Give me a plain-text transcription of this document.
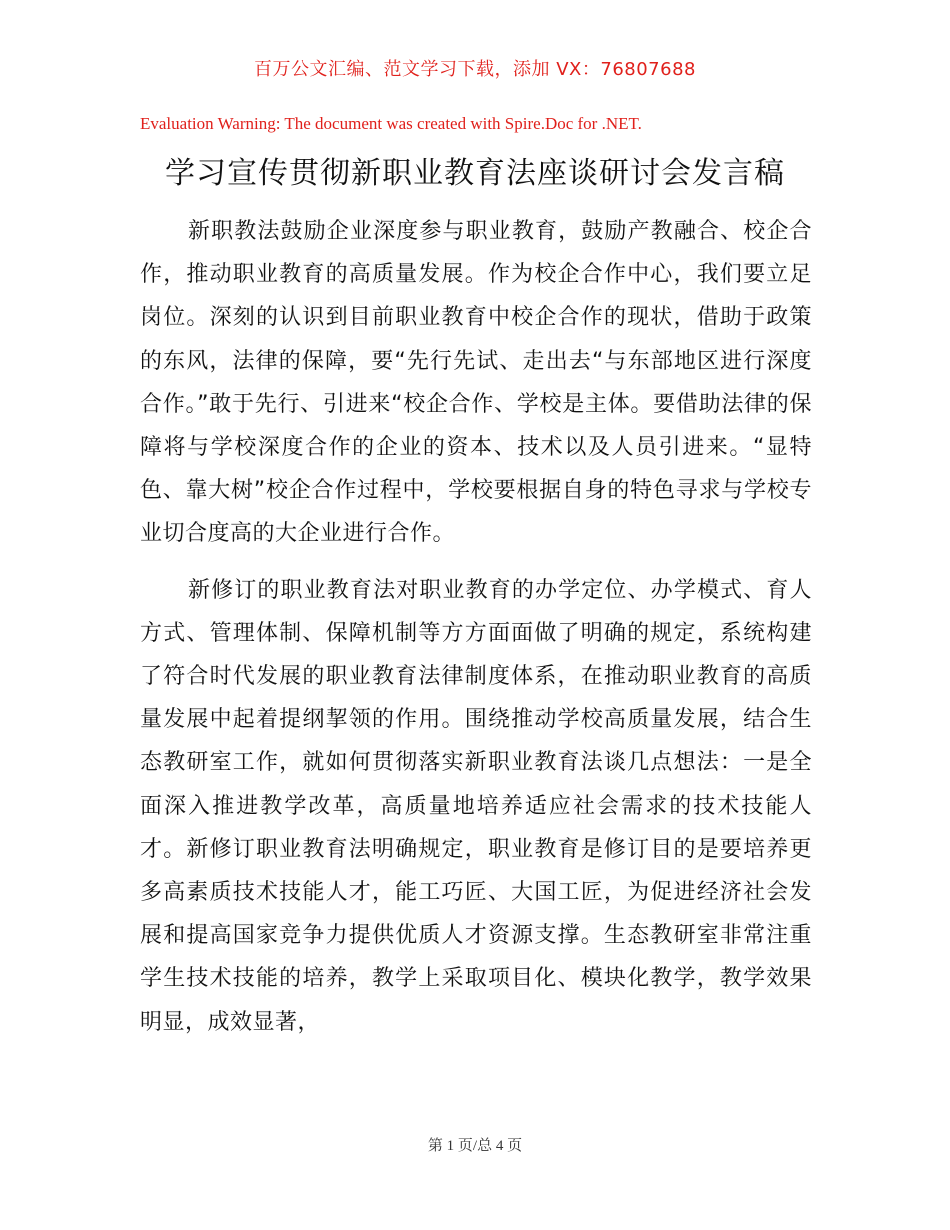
百万公文汇编、范文学习下载，添加 VX：76807688
Evaluation Warning: The document was created with Spire.Doc for .NET.
学习宣传贯彻新职业教育法座谈研讨会发言稿

新职教法鼓励企业深度参与职业教育，鼓励产教融合、校企合作，推动职业教育的高质量发展。作为校企合作中心，我们要立足岗位。深刻的认识到目前职业教育中校企合作的现状，借助于政策的东风，法律的保障，要“先行先试、走出去“与东部地区进行深度合作。”敢于先行、引进来“校企合作、学校是主体。要借助法律的保障将与学校深度合作的企业的资本、技术以及人员引进来。“显特色、靠大树”校企合作过程中，学校要根据自身的特色寻求与学校专业切合度高的大企业进行合作。

新修订的职业教育法对职业教育的办学定位、办学模式、育人方式、管理体制、保障机制等方方面面做了明确的规定，系统构建了符合时代发展的职业教育法律制度体系，在推动职业教育的高质量发展中起着提纲挈领的作用。围绕推动学校高质量发展，结合生态教研室工作，就如何贯彻落实新职业教育法谈几点想法：一是全面深入推进教学改革，高质量地培养适应社会需求的技术技能人才。新修订职业教育法明确规定，职业教育是修订目的是要培养更多高素质技术技能人才，能工巧匠、大国工匠，为促进经济社会发展和提高国家竞争力提供优质人才资源支撑。生态教研室非常注重学生技术技能的培养，教学上采取项目化、模块化教学，教学效果明显，成效显著，

第 1 页/总 4 页
